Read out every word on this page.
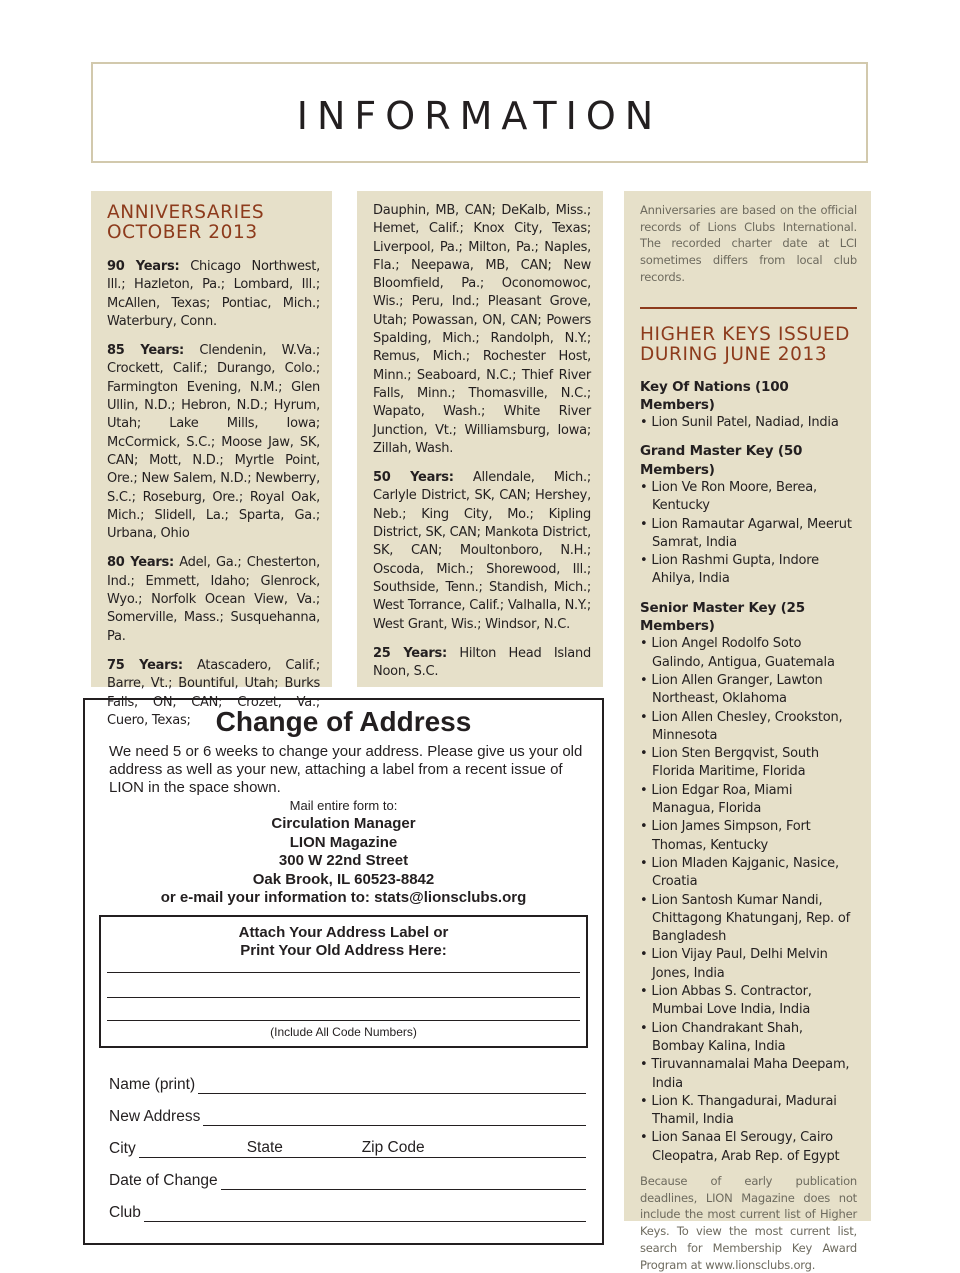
INFORMATION
ANNIVERSARIES
OCTOBER 2013

90 Years: Chicago Northwest, Ill.; Hazleton, Pa.; Lombard, Ill.; McAllen, Texas; Pontiac, Mich.; Waterbury, Conn.

85 Years: Clendenin, W.Va.; Crockett, Calif.; Durango, Colo.; Farmington Evening, N.M.; Glen Ullin, N.D.; Hebron, N.D.; Hyrum, Utah; Lake Mills, Iowa; McCormick, S.C.; Moose Jaw, SK, CAN; Mott, N.D.; Myrtle Point, Ore.; New Salem, N.D.; Newberry, S.C.; Roseburg, Ore.; Royal Oak, Mich.; Slidell, La.; Sparta, Ga.; Urbana, Ohio

80 Years: Adel, Ga.; Chesterton, Ind.; Emmett, Idaho; Glenrock, Wyo.; Norfolk Ocean View, Va.; Somerville, Mass.; Susquehanna, Pa.

75 Years: Atascadero, Calif.; Barre, Vt.; Bountiful, Utah; Burks Falls, ON, CAN; Crozet, Va.; Cuero, Texas;

Dauphin, MB, CAN; DeKalb, Miss.; Hemet, Calif.; Knox City, Texas; Liverpool, Pa.; Milton, Pa.; Naples, Fla.; Neepawa, MB, CAN; New Bloomfield, Pa.; Oconomowoc, Wis.; Peru, Ind.; Pleasant Grove, Utah; Powassan, ON, CAN; Powers Spalding, Mich.; Randolph, N.Y.; Remus, Mich.; Rochester Host, Minn.; Seaboard, N.C.; Thief River Falls, Minn.; Thomasville, N.C.; Wapato, Wash.; White River Junction, Vt.; Williamsburg, Iowa; Zillah, Wash.

50 Years: Allendale, Mich.; Carlyle District, SK, CAN; Hershey, Neb.; King City, Mo.; Kipling District, SK, CAN; Mankota District, SK, CAN; Moultonboro, N.H.; Oscoda, Mich.; Shorewood, Ill.; Southside, Tenn.; Standish, Mich.; West Torrance, Calif.; Valhalla, N.Y.; West Grant, Wis.; Windsor, N.C.

25 Years: Hilton Head Island Noon, S.C.

Anniversaries are based on the official records of Lions Clubs International. The recorded charter date at LCI sometimes differs from local club records.

HIGHER KEYS ISSUED
DURING JUNE 2013

Key Of Nations (100 Members)

• Lion Sunil Patel, Nadiad, India

Grand Master Key (50 Members)

• Lion Ve Ron Moore, Berea, Kentucky
• Lion Ramautar Agarwal, Meerut Samrat, India
• Lion Rashmi Gupta, Indore Ahilya, India

Senior Master Key (25 Members)

• Lion Angel Rodolfo Soto Galindo, Antigua, Guatemala
• Lion Allen Granger, Lawton Northeast, Oklahoma
• Lion Allen Chesley, Crookston, Minnesota
• Lion Sten Bergqvist, South Florida Maritime, Florida
• Lion Edgar Roa, Miami Managua, Florida
• Lion James Simpson, Fort Thomas, Kentucky
• Lion Mladen Kajganic, Nasice, Croatia
• Lion Santosh Kumar Nandi, Chittagong Khatunganj, Rep. of Bangladesh
• Lion Vijay Paul, Delhi Melvin Jones, India
• Lion Abbas S. Contractor, Mumbai Love India, India
• Lion Chandrakant Shah, Bombay Kalina, India
• Tiruvannamalai Maha Deepam, India
• Lion K. Thangadurai, Madurai Thamil, India
• Lion Sanaa El Serougy, Cairo Cleopatra, Arab Rep. of Egypt

Because of early publication deadlines, LION Magazine does not include the most current list of Higher Keys. To view the most current list, search for Membership Key Award Program at www.lionsclubs.org.

Change of Address

We need 5 or 6 weeks to change your address. Please give us your old address as well as your new, attaching a label from a recent issue of LION in the space shown.

Mail entire form to:
Circulation Manager
LION Magazine
300 W 22nd Street
Oak Brook, IL 60523-8842
or e-mail your information to: stats@lionsclubs.org
Attach Your Address Label or
Print Your Old Address Here:
(Include All Code Numbers)
Name (print)
New Address
City	State	Zip Code
Date of Change
Club
